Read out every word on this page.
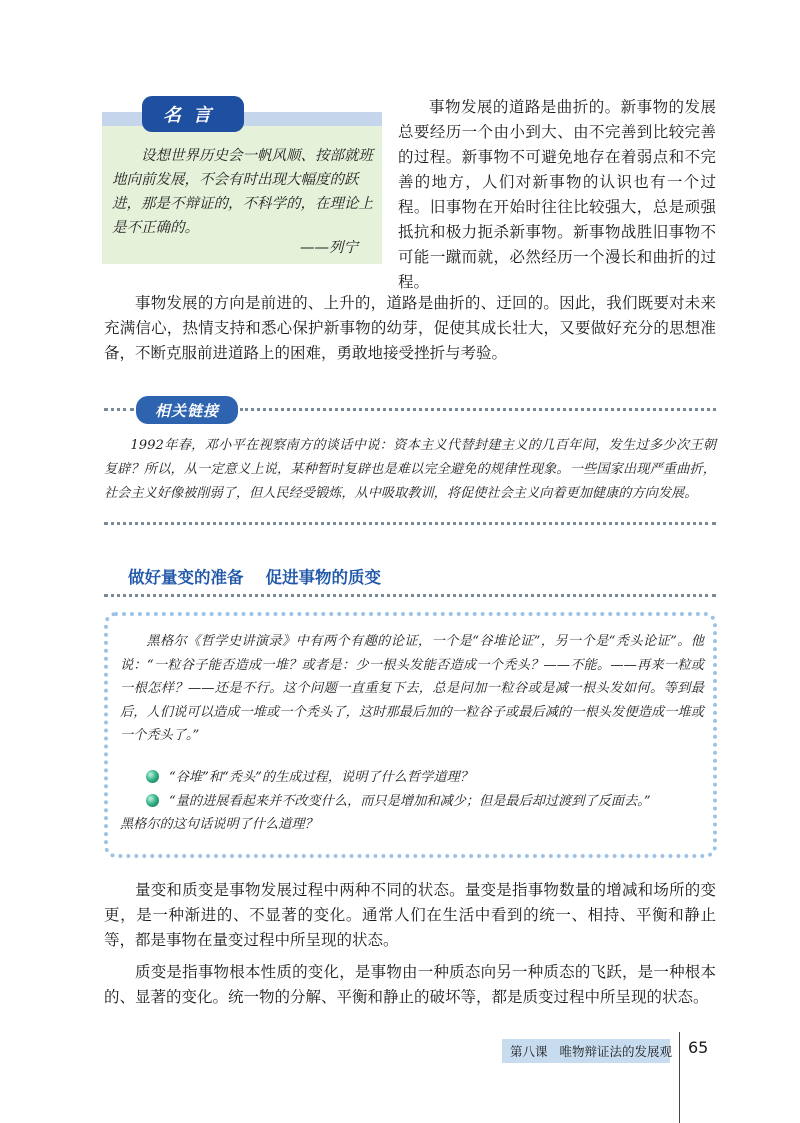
名言
设想世界历史会一帆风顺、按部就班地向前发展，不会有时出现大幅度的跃进，那是不辩证的，不科学的，在理论上是不正确的。
——列宁

事物发展的道路是曲折的。新事物的发展总要经历一个由小到大、由不完善到比较完善的过程。新事物不可避免地存在着弱点和不完善的地方，人们对新事物的认识也有一个过程。旧事物在开始时往往比较强大，总是顽强抵抗和极力扼杀新事物。新事物战胜旧事物不可能一蹴而就，必然经历一个漫长和曲折的过程。

事物发展的方向是前进的、上升的，道路是曲折的、迂回的。因此，我们既要对未来充满信心，热情支持和悉心保护新事物的幼芽，促使其成长壮大，又要做好充分的思想准备，不断克服前进道路上的困难，勇敢地接受挫折与考验。

相关链接
1992年春，邓小平在视察南方的谈话中说：资本主义代替封建主义的几百年间，发生过多少次王朝复辟？所以，从一定意义上说，某种暂时复辟也是难以完全避免的规律性现象。一些国家出现严重曲折，社会主义好像被削弱了，但人民经受锻炼，从中吸取教训，将促使社会主义向着更加健康的方向发展。
做好量变的准备 促进事物的质变
黑格尔《哲学史讲演录》中有两个有趣的论证，一个是“谷堆论证”，另一个是“秃头论证”。他说：“一粒谷子能否造成一堆？或者是：少一根头发能否造成一个秃头？——不能。——再来一粒或一根怎样？——还是不行。这个问题一直重复下去，总是问加一粒谷或是减一根头发如何。等到最后，人们说可以造成一堆或一个秃头了，这时那最后加的一粒谷子或最后减的一根头发便造成一堆或一个秃头了。”
“谷堆”和“秃头”的生成过程，说明了什么哲学道理？
“量的进展看起来并不改变什么，而只是增加和减少；但是最后却过渡到了反面去。”
黑格尔的这句话说明了什么道理？

量变和质变是事物发展过程中两种不同的状态。量变是指事物数量的增减和场所的变更，是一种渐进的、不显著的变化。通常人们在生活中看到的统一、相持、平衡和静止等，都是事物在量变过程中所呈现的状态。

质变是指事物根本性质的变化，是事物由一种质态向另一种质态的飞跃，是一种根本的、显著的变化。统一物的分解、平衡和静止的破坏等，都是质变过程中所呈现的状态。

第八课 唯物辩证法的发展观 65
